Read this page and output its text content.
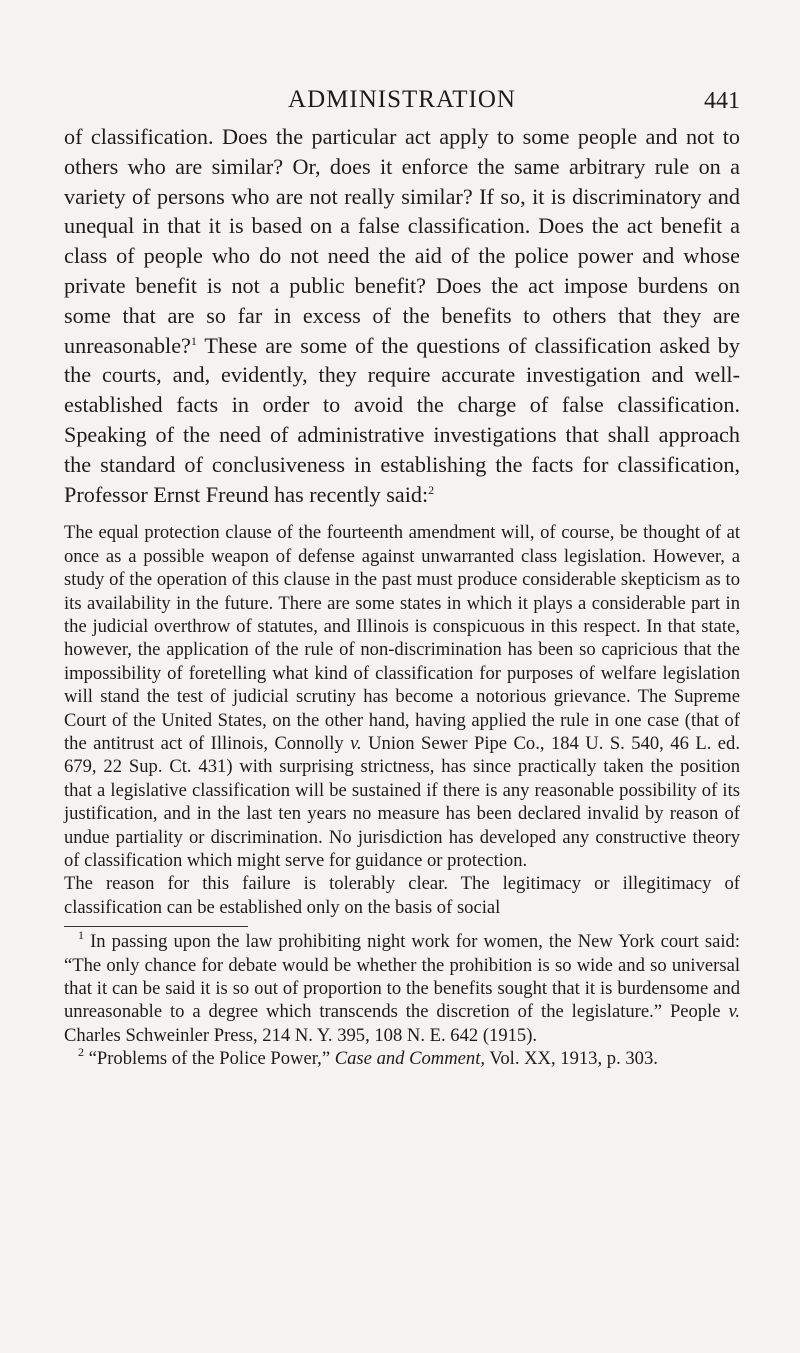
ADMINISTRATION	441

of classification. Does the particular act apply to some people and not to others who are similar? Or, does it enforce the same arbitrary rule on a variety of persons who are not really similar? If so, it is discriminatory and unequal in that it is based on a false classification. Does the act benefit a class of people who do not need the aid of the police power and whose private benefit is not a public benefit? Does the act impose burdens on some that are so far in excess of the benefits to others that they are unreasonable?$^1$ These are some of the questions of classification asked by the courts, and, evidently, they require accurate investigation and well-established facts in order to avoid the charge of false classification. Speaking of the need of administrative investigations that shall approach the standard of conclusiveness in establishing the facts for classification, Professor Ernst Freund has recently said:$^2$

The equal protection clause of the fourteenth amendment will, of course, be thought of at once as a possible weapon of defense against unwarranted class legislation. However, a study of the operation of this clause in the past must produce considerable skepticism as to its availability in the future. There are some states in which it plays a considerable part in the judicial overthrow of statutes, and Illinois is conspicuous in this respect. In that state, however, the application of the rule of non-discrimination has been so capricious that the impossibility of foretelling what kind of classification for purposes of welfare legislation will stand the test of judicial scrutiny has become a notorious grievance. The Supreme Court of the United States, on the other hand, having applied the rule in one case (that of the antitrust act of Illinois, Connolly v. Union Sewer Pipe Co., 184 U. S. 540, 46 L. ed. 679, 22 Sup. Ct. 431) with surprising strictness, has since practically taken the position that a legislative classification will be sustained if there is any reasonable possibility of its justification, and in the last ten years no measure has been declared invalid by reason of undue partiality or discrimination. No jurisdiction has developed any constructive theory of classification which might serve for guidance or protection.

The reason for this failure is tolerably clear. The legitimacy or illegitimacy of classification can be established only on the basis of social

$^1$ In passing upon the law prohibiting night work for women, the New York court said: “The only chance for debate would be whether the prohibition is so wide and so universal that it can be said it is so out of proportion to the benefits sought that it is burdensome and unreasonable to a degree which transcends the discretion of the legislature.” People v. Charles Schweinler Press, 214 N. Y. 395, 108 N. E. 642 (1915).

$^2$ “Problems of the Police Power,” Case and Comment, Vol. XX, 1913, p. 303.
